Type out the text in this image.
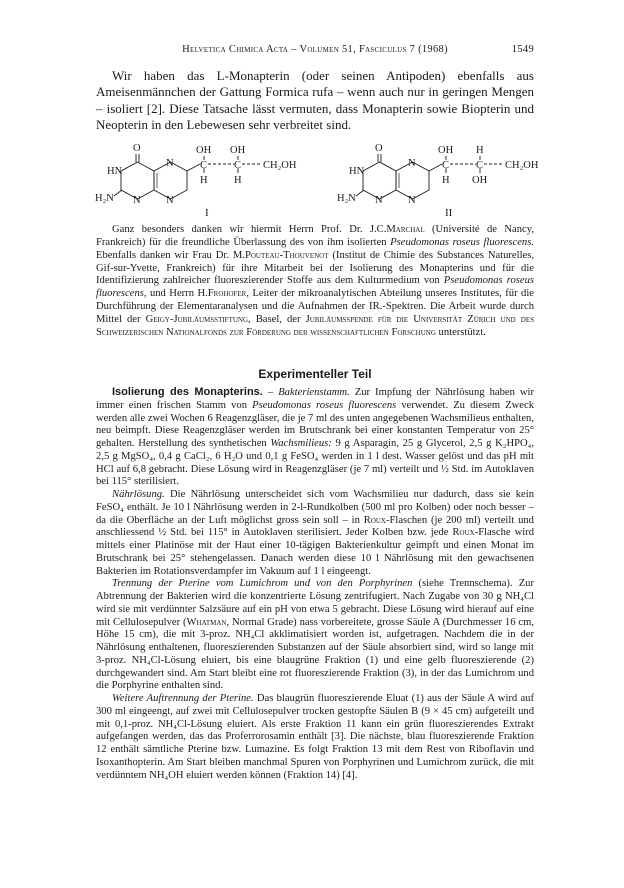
Helvetica Chimica Acta – Volumen 51, Fasciculus 7 (1968)	1549

Wir haben das L-Monapterin (oder seinen Antipoden) ebenfalls aus Ameisenmännchen der Gattung Formica rufa – wenn auch nur in geringen Mengen – isoliert [2]. Diese Tatsache lässt vermuten, dass Monapterin sowie Biopterin und Neopterin in den Lebewesen sehr verbreitet sind.

O
HN
N
N
N
H₂N
C	C
OH OH
H	H
CH₂OH
I
O
HN
N
N
N
H₂N
C	C
OH H
H OH
CH₂OH
II

Ganz besonders danken wir hiermit Herrn Prof. Dr. J.C.Marchal (Université de Nancy, Frankreich) für die freundliche Überlassung des von ihm isolierten Pseudomonas roseus fluorescens. Ebenfalls danken wir Frau Dr. M.Pouteau-Thouvenot (Institut de Chimie des Substances Naturelles, Gif-sur-Yvette, Frankreich) für ihre Mitarbeit bei der Isolierung des Monapterins und für die Identifizierung zahlreicher fluoreszierender Stoffe aus dem Kulturmedium von Pseudomonas roseus fluorescens, und Herrn H.Frohofer, Leiter der mikroanalytischen Abteilung unseres Institutes, für die Durchführung der Elementaranalysen und die Aufnahmen der IR.-Spektren. Die Arbeit wurde durch Mittel der Geigy-Jubiläumsstiftung, Basel, der Jubiläumsspende für die Universität Zürich und des Schweizerischen Nationalfonds zur Förderung der wissenschaftlichen Forschung unterstützt.

Experimenteller Teil

Isolierung des Monapterins. – Bakterienstamm. Zur Impfung der Nährlösung haben wir immer einen frischen Stamm von Pseudomonas roseus fluorescens verwendet. Zu diesem Zweck werden alle zwei Wochen 6 Reagenzgläser, die je 7 ml des unten angegebenen Wachsmilieus enthalten, neu beimpft. Diese Reagenzgläser werden im Brutschrank bei einer konstanten Temperatur von 25° gehalten. Herstellung des synthetischen Wachsmilieus: 9 g Asparagin, 25 g Glycerol, 2,5 g K₂HPO₄, 2,5 g MgSO₄, 0,4 g CaCl₂, 6 H₂O und 0,1 g FeSO₄ werden in 1 l dest. Wasser gelöst und das pH mit HCl auf 6,8 gebracht. Diese Lösung wird in Reagenzgläser (je 7 ml) verteilt und ½ Std. im Autoklaven bei 115° sterilisiert.

Nährlösung. Die Nährlösung unterscheidet sich vom Wachsmilieu nur dadurch, dass sie kein FeSO₄ enthält. Je 10 l Nährlösung werden in 2-l-Rundkolben (500 ml pro Kolben) oder noch besser – da die Oberfläche an der Luft möglichst gross sein soll – in Roux-Flaschen (je 200 ml) verteilt und anschliessend ½ Std. bei 115° in Autoklaven sterilisiert. Jeder Kolben bzw. jede Roux-Flasche wird mittels einer Platinöse mit der Haut einer 10-tägigen Bakterienkultur geimpft und einen Monat im Brutschrank bei 25° stehengelassen. Danach werden diese 10 l Nährlösung mit den gewachsenen Bakterien im Rotationsverdampfer im Vakuum auf 1 l eingeengt.

Trennung der Pterine vom Lumichrom und von den Porphyrinen (siehe Trennschema). Zur Abtrennung der Bakterien wird die konzentrierte Lösung zentrifugiert. Nach Zugabe von 30 g NH₄Cl wird sie mit verdünnter Salzsäure auf ein pH von etwa 5 gebracht. Diese Lösung wird hierauf auf eine mit Cellulosepulver (Whatman, Normal Grade) nass vorbereitete, grosse Säule A (Durchmesser 16 cm, Höhe 15 cm), die mit 3-proz. NH₄Cl akklimatisiert worden ist, aufgetragen. Nachdem die in der Nährlösung enthaltenen, fluoreszierenden Substanzen auf der Säule absorbiert sind, wird so lange mit 3-proz. NH₄Cl-Lösung eluiert, bis eine blaugrüne Fraktion (1) und eine gelb fluoreszierende (2) durchgewandert sind. Am Start bleibt eine rot fluoreszierende Fraktion (3), in der das Lumichrom und die Porphyrine enthalten sind.

Weitere Auftrennung der Pterine. Das blaugrün fluoreszierende Eluat (1) aus der Säule A wird auf 300 ml eingeengt, auf zwei mit Cellulosepulver trocken gestopfte Säulen B (9 × 45 cm) aufgeteilt und mit 0,1-proz. NH₄Cl-Lösung eluiert. Als erste Fraktion 11 kann ein grün fluoreszierendes Extrakt aufgefangen werden, das das Proferrorosamin enthält [3]. Die nächste, blau fluoreszierende Fraktion 12 enthält sämtliche Pterine bzw. Lumazine. Es folgt Fraktion 13 mit dem Rest von Riboflavin und Isoxanthopterin. Am Start bleiben manchmal Spuren von Porphyrinen und Lumichrom zurück, die mit verdünntem NH₄OH eluiert werden können (Fraktion 14) [4].
